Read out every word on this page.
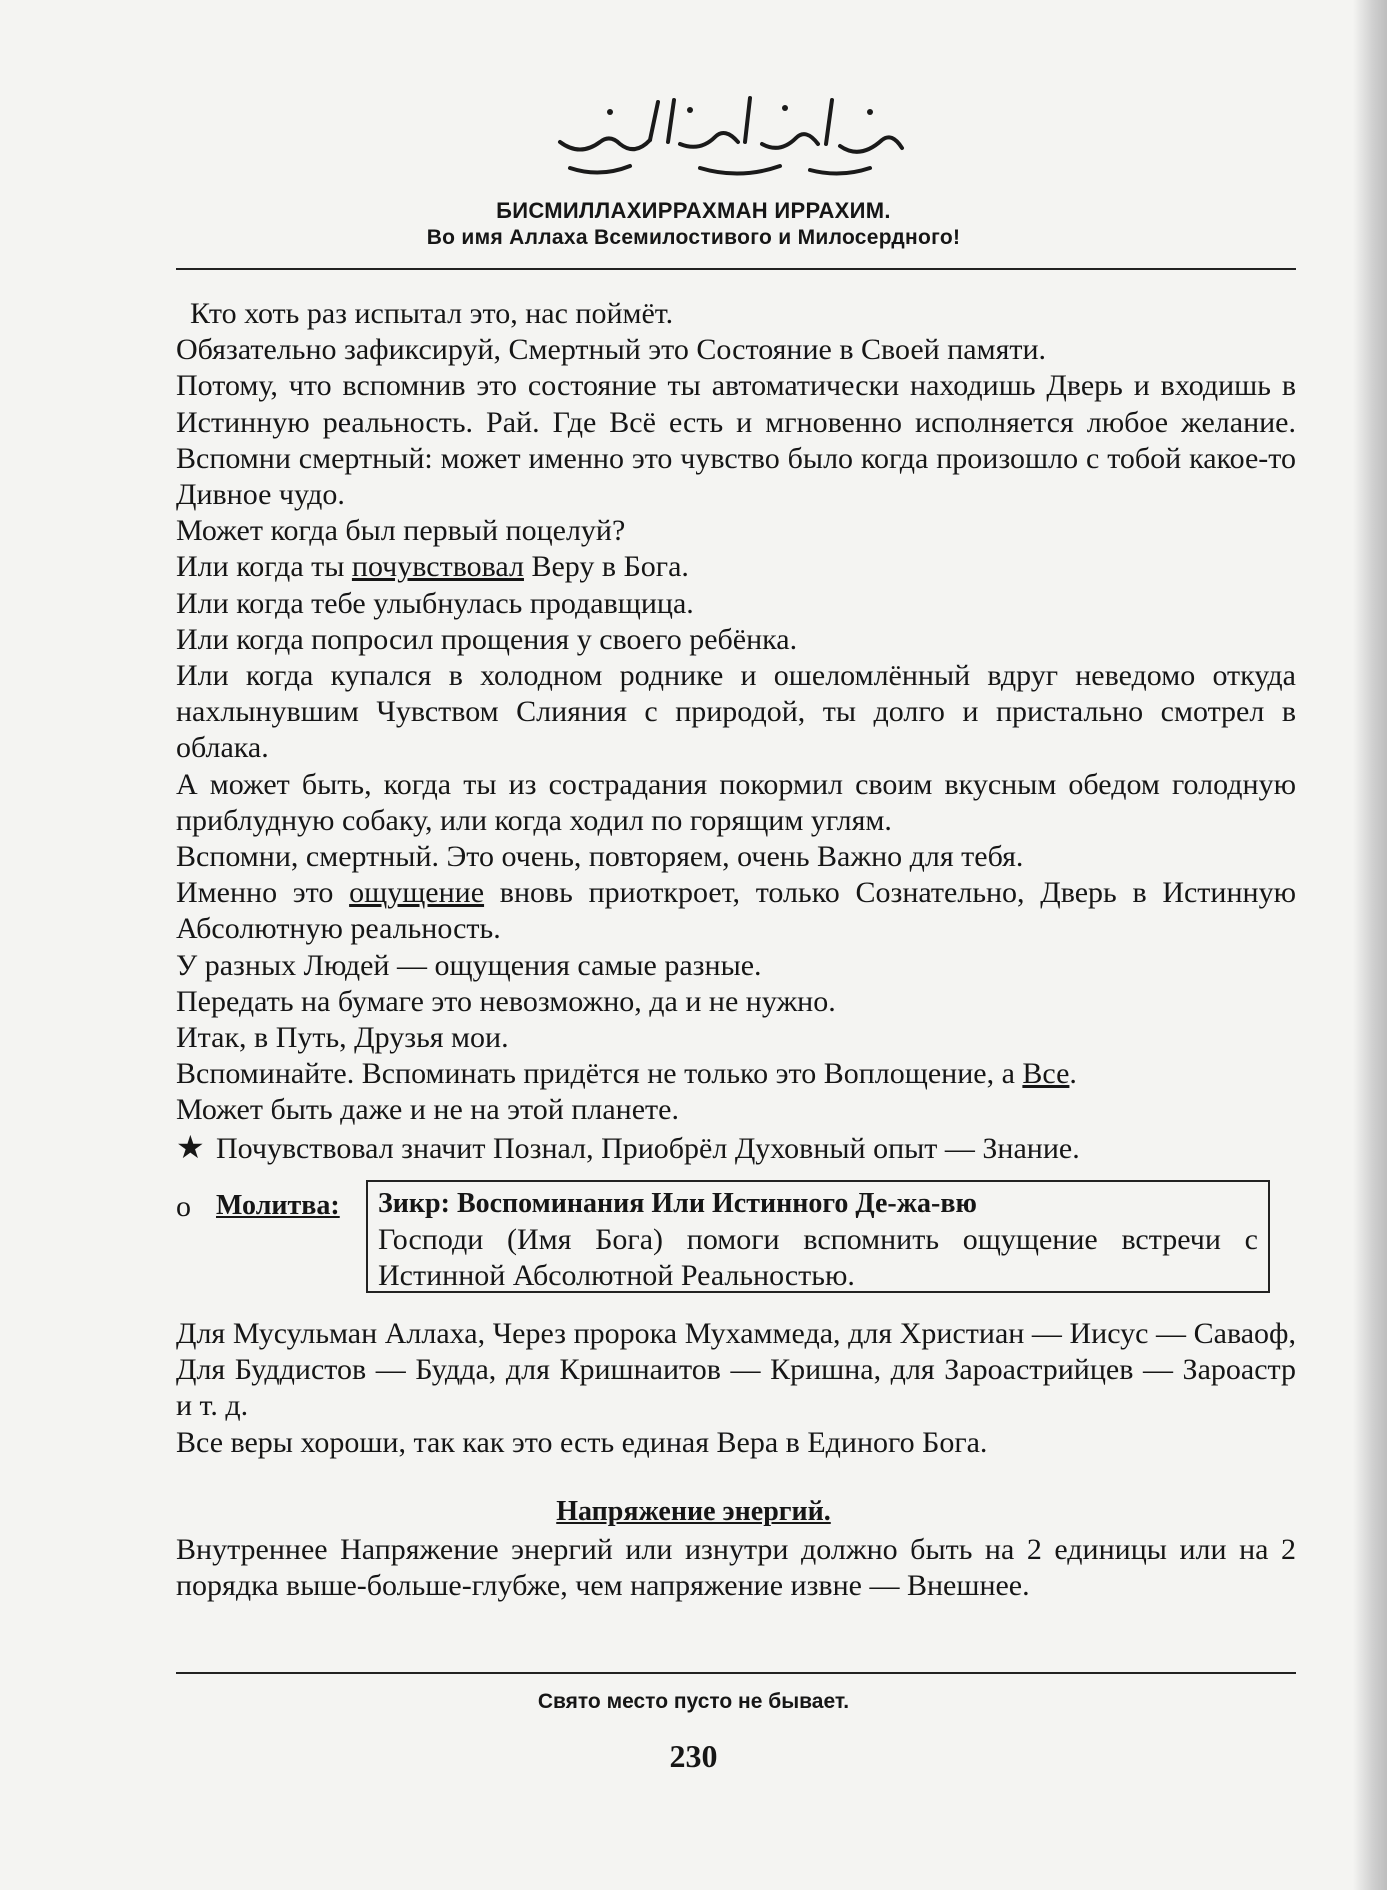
БИСМИЛЛАХИРРАХМАН ИРРАХИМ.
Во имя Аллаха Всемилостивого и Милосердного!

Кто хоть раз испытал это, нас поймёт.

Обязательно зафиксируй, Смертный это Состояние в Своей памяти.

Потому, что вспомнив это состояние ты автоматически находишь Дверь и входишь в Истинную реальность. Рай. Где Всё есть и мгновенно исполняется любое желание. Вспомни смертный: может именно это чувство было когда произошло с тобой какое-то Дивное чудо.

Может когда был первый поцелуй?

Или когда ты почувствовал Веру в Бога.

Или когда тебе улыбнулась продавщица.

Или когда попросил прощения у своего ребёнка.

Или когда купался в холодном роднике и ошеломлённый вдруг неведомо откуда нахлынувшим Чувством Слияния с природой, ты долго и пристально смотрел в облака.

А может быть, когда ты из сострадания покормил своим вкусным обедом голодную приблудную собаку, или когда ходил по горящим углям.

Вспомни, смертный. Это очень, повторяем, очень Важно для тебя.

Именно это ощущение вновь приоткроет, только Сознательно, Дверь в Истинную Абсолютную реальность.

У разных Людей — ощущения самые разные.

Передать на бумаге это невозможно, да и не нужно.

Итак, в Путь, Друзья мои.

Вспоминайте. Вспоминать придётся не только это Воплощение, а Все.

Может быть даже и не на этой планете.

★ Почувствовал значит Познал, Приобрёл Духовный опыт — Знание.

о Молитва: Зикр: Воспоминания Или Истинного Де-жа-вю

Господи (Имя Бога) помоги вспомнить ощущение встречи с Истинной Абсолютной Реальностью.

Для Мусульман Аллаха, Через пророка Мухаммеда, для Христиан — Иисус — Саваоф, Для Буддистов — Будда, для Кришнаитов — Кришна, для Зароастрийцев — Зароастр и т. д.

Все веры хороши, так как это есть единая Вера в Единого Бога.

Напряжение энергий.

Внутреннее Напряжение энергий или изнутри должно быть на 2 единицы или на 2 порядка выше-больше-глубже, чем напряжение извне — Внешнее.

Свято место пусто не бывает.
230
